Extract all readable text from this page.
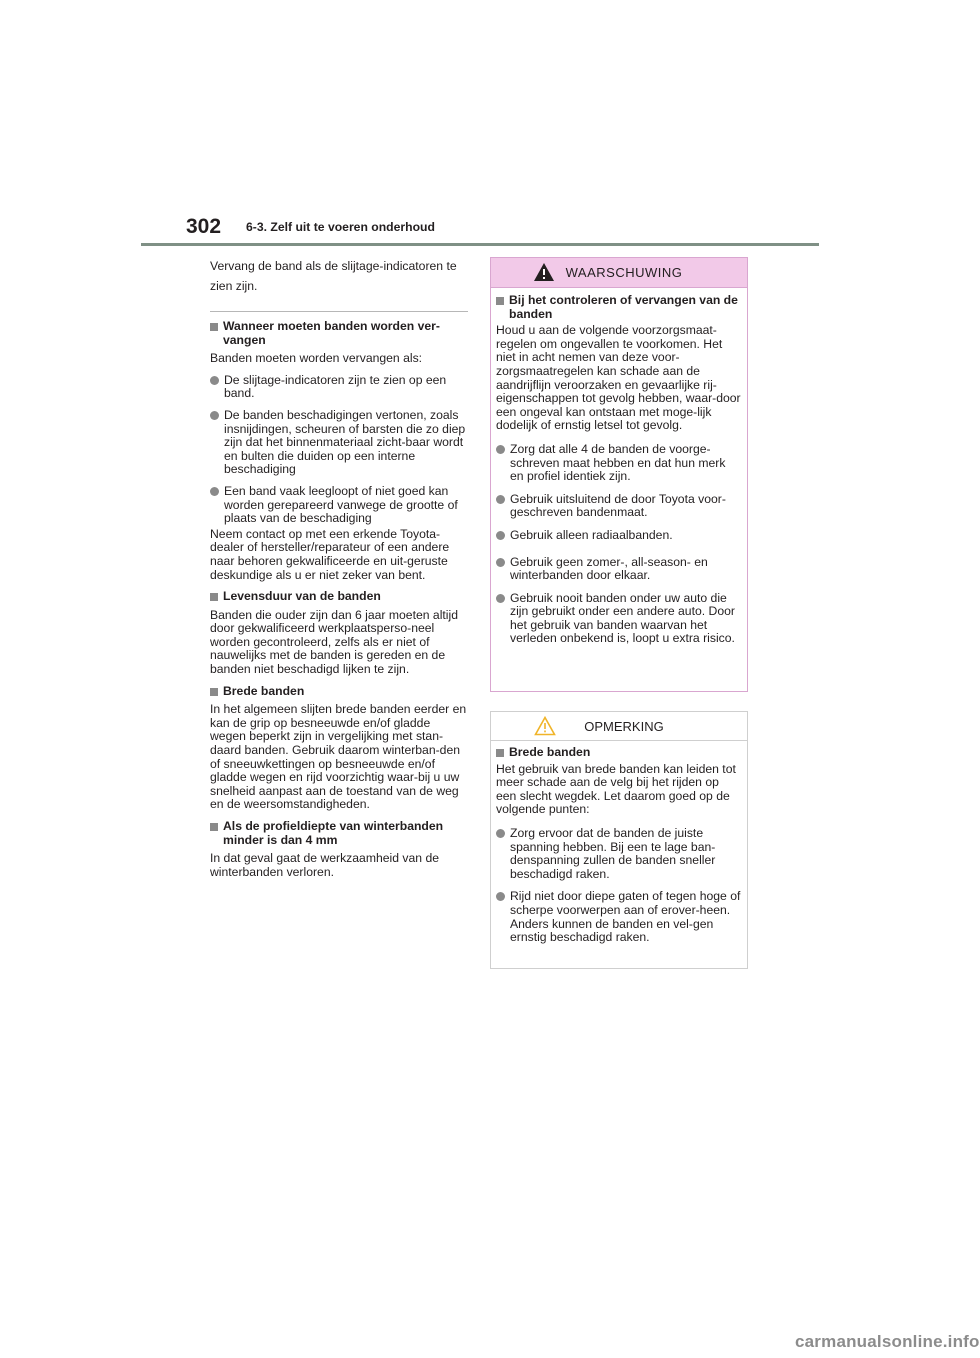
302 6-3. Zelf uit te voeren onderhoud

Vervang de band als de slijtage-indicatoren te zien zijn.

Wanneer moeten banden worden ver-vangen

Banden moeten worden vervangen als:

De slijtage-indicatoren zijn te zien op een band.
De banden beschadigingen vertonen, zoals insnijdingen, scheuren of barsten die zo diep zijn dat het binnenmateriaal zicht-baar wordt en bulten die duiden op een interne beschadiging
Een band vaak leegloopt of niet goed kan worden gerepareerd vanwege de grootte of plaats van de beschadiging

Neem contact op met een erkende Toyota-dealer of hersteller/reparateur of een andere naar behoren gekwalificeerde en uit-geruste deskundige als u er niet zeker van bent.

Levensduur van de banden

Banden die ouder zijn dan 6 jaar moeten altijd door gekwalificeerd werkplaatsperso-neel worden gecontroleerd, zelfs als er niet of nauwelijks met de banden is gereden en de banden niet beschadigd lijken te zijn.

Brede banden

In het algemeen slijten brede banden eerder en kan de grip op besneeuwde en/of gladde wegen beperkt zijn in vergelijking met stan-daard banden. Gebruik daarom winterban-den of sneeuwkettingen op besneeuwde en/of gladde wegen en rijd voorzichtig waar-bij u uw snelheid aanpast aan de toestand van de weg en de weersomstandigheden.

Als de profieldiepte van winterbanden minder is dan 4 mm

In dat geval gaat de werkzaamheid van de winterbanden verloren.

WAARSCHUWING
Bij het controleren of vervangen van de banden

Houd u aan de volgende voorzorgsmaat-regelen om ongevallen te voorkomen. Het niet in acht nemen van deze voor-zorgsmaatregelen kan schade aan de aandrijflijn veroorzaken en gevaarlijke rij-eigenschappen tot gevolg hebben, waar-door een ongeval kan ontstaan met moge-lijk dodelijk of ernstig letsel tot gevolg.

Zorg dat alle 4 de banden de voorge-schreven maat hebben en dat hun merk en profiel identiek zijn.
Gebruik uitsluitend de door Toyota voor-geschreven bandenmaat.
Gebruik alleen radiaalbanden.
Gebruik geen zomer-, all-season- en winterbanden door elkaar.
Gebruik nooit banden onder uw auto die zijn gebruikt onder een andere auto. Door het gebruik van banden waarvan het verleden onbekend is, loopt u extra risico.
OPMERKING
Brede banden

Het gebruik van brede banden kan leiden tot meer schade aan de velg bij het rijden op een slecht wegdek. Let daarom goed op de volgende punten:

Zorg ervoor dat de banden de juiste spanning hebben. Bij een te lage ban-denspanning zullen de banden sneller beschadigd raken.
Rijd niet door diepe gaten of tegen hoge of scherpe voorwerpen aan of erover-heen. Anders kunnen de banden en vel-gen ernstig beschadigd raken.
carmanualsonline.info
